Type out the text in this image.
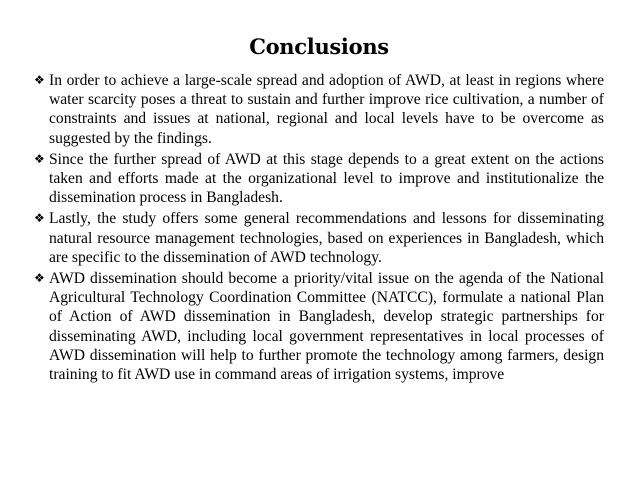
Conclusions
❖ In order to achieve a large-scale spread and adoption of AWD, at least in regions where water scarcity poses a threat to sustain and further improve rice cultivation, a number of constraints and issues at national, regional and local levels have to be overcome as suggested by the findings.
❖ Since the further spread of AWD at this stage depends to a great extent on the actions taken and efforts made at the organizational level to improve and institutionalize the dissemination process in Bangladesh.
❖ Lastly, the study offers some general recommendations and lessons for disseminating natural resource management technologies, based on experiences in Bangladesh, which are specific to the dissemination of AWD technology.
❖ AWD dissemination should become a priority/vital issue on the agenda of the National Agricultural Technology Coordination Committee (NATCC), formulate a national Plan of Action of AWD dissemination in Bangladesh, develop strategic partnerships for disseminating AWD, including local government representatives in local processes of AWD dissemination will help to further promote the technology among farmers, design training to fit AWD use in command areas of irrigation systems, improve
